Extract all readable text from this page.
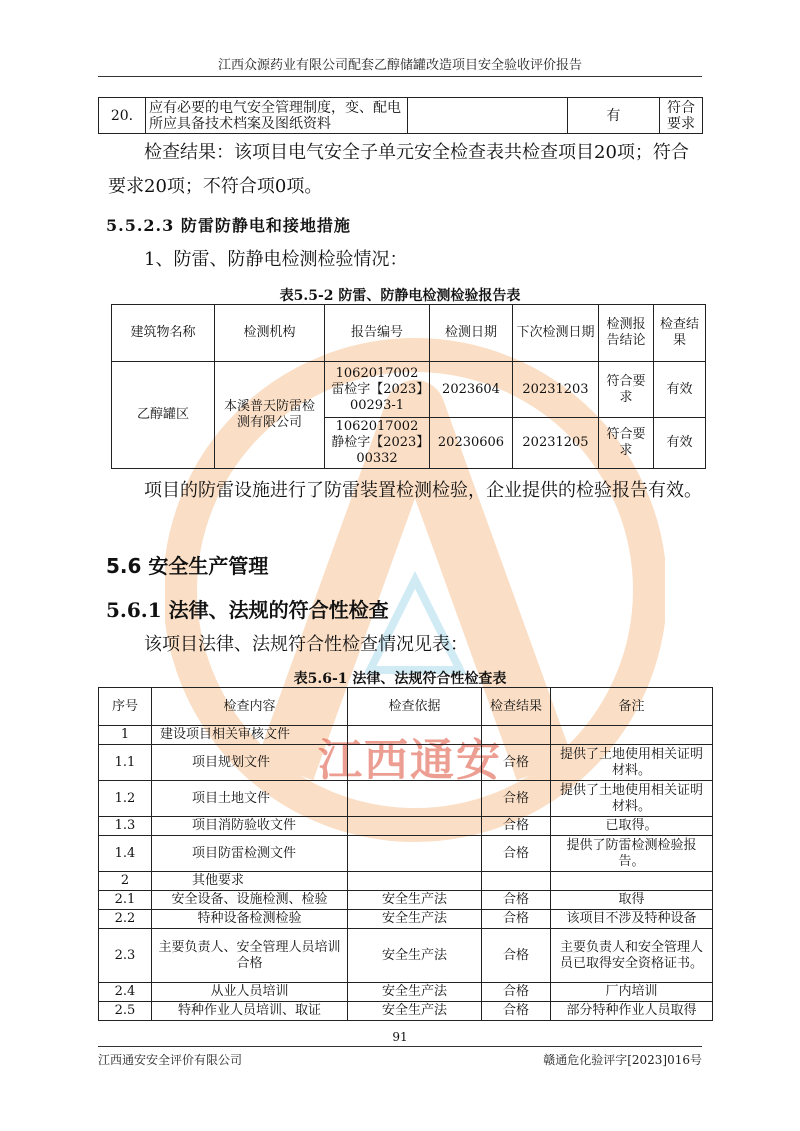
江西通安
江西众源药业有限公司配套乙醇储罐改造项目安全验收评价报告
20.	应有必要的电气安全管理制度，变、配电所应具备技术档案及图纸资料		有	符合要求
检查结果：该项目电气安全子单元安全检查表共检查项目20项；符合要求20项；不符合项0项。
5.5.2.3 防雷防静电和接地措施
1、防雷、防静电检测检验情况：
表5.5-2 防雷、防静电检测检验报告表
建筑物名称	检测机构	报告编号	检测日期	下次检测日期	检测报告结论	检查结果
乙醇罐区	本溪普天防雷检测有限公司	1062017002 雷检字【2023】00293-1	2023604	20231203	符合要求	有效
		1062017002 静检字【2023】00332	20230606	20231205	符合要求	有效
项目的防雷设施进行了防雷装置检测检验，企业提供的检验报告有效。
5.6 安全生产管理
5.6.1 法律、法规的符合性检查
该项目法律、法规符合性检查情况见表：
表5.6-1 法律、法规符合性检查表
序号	检查内容	检查依据	检查结果	备注
1	建设项目相关审核文件			
1.1	项目规划文件		合格	提供了土地使用相关证明材料。
1.2	项目土地文件		合格	提供了土地使用相关证明材料。
1.3	项目消防验收文件		合格	已取得。
1.4	项目防雷检测文件		合格	提供了防雷检测检验报告。
2	其他要求			
2.1	安全设备、设施检测、检验	安全生产法	合格	取得
2.2	特种设备检测检验	安全生产法	合格	该项目不涉及特种设备
2.3	主要负责人、安全管理人员培训合格	安全生产法	合格	主要负责人和安全管理人员已取得安全资格证书。
2.4	从业人员培训	安全生产法	合格	厂内培训
2.5	特种作业人员培训、取证	安全生产法	合格	部分特种作业人员取得
91
江西通安安全评价有限公司	赣通危化验评字[2023]016号
